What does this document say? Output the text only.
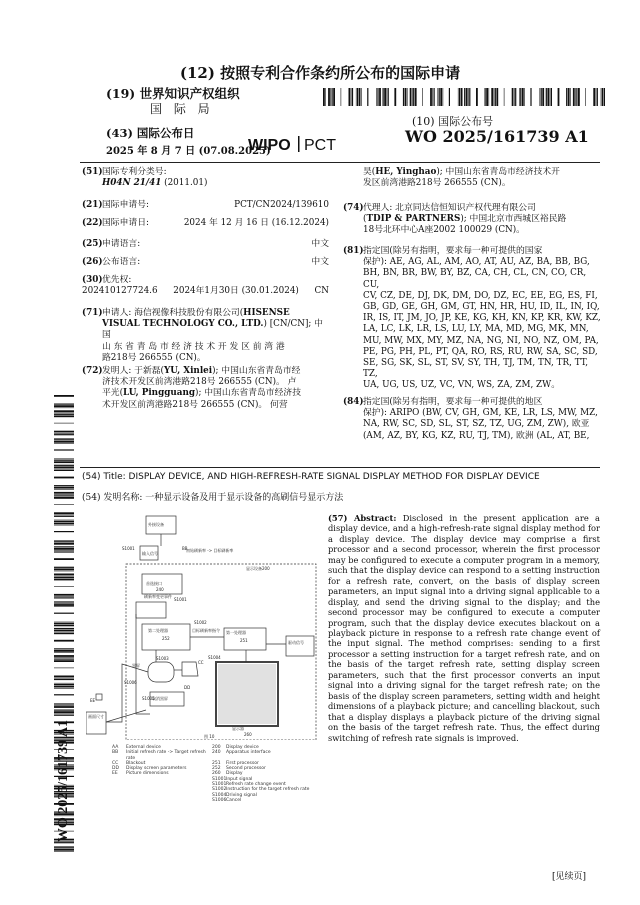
(12) 按照专利合作条约所公布的国际申请
(19) 世界知识产权组织
国 际 局
(43) 国际公布日
2025 年 8 月 7 日 (07.08.2025)
(10) 国际公布号
WO 2025/161739 A1
WIPO PCT
WO 2025/161739 A1
(51) 国际专利分类号:
H04N 21/41 (2011.01)
(21) 国际申请号:	PCT/CN2024/139610
(22) 国际申请日:	2024 年 12 月 16 日 (16.12.2024)
(25) 申请语言:	中文
(26) 公布语言:	中文
(30) 优先权:
202410127724.6 2024年1月30日 (30.01.2024) CN
(71) 申请人: 海信视像科技股份有限公司(HISENSE
VISUAL TECHNOLOGY CO., LTD.) [CN/CN]; 中国
山 东 省 青 岛 市 经 济 技 术 开 发 区 前 湾 港
路218号 266555 (CN)。
(72) 发明人: 于新磊(YU, Xinlei); 中国山东省青岛市经
济技术开发区前湾港路218号 266555 (CN)。 卢
平光(LU, Pingguang); 中国山东省青岛市经济技
术开发区前湾港路218号 266555 (CN)。 何营
昊(HE, Yinghao); 中国山东省青岛市经济技术开
发区前湾港路218号 266555 (CN)。
(74) 代理人: 北京同达信恒知识产权代理有限公司
(TDIP & PARTNERS); 中国北京市西城区裕民路
18号北环中心A座2002 100029 (CN)。
(81) 指定国(除另有指明，要求每一种可提供的国家
保护): AE, AG, AL, AM, AO, AT, AU, AZ, BA, BB, BG,
BH, BN, BR, BW, BY, BZ, CA, CH, CL, CN, CO, CR, CU,
CV, CZ, DE, DJ, DK, DM, DO, DZ, EC, EE, EG, ES, FI,
GB, GD, GE, GH, GM, GT, HN, HR, HU, ID, IL, IN, IQ,
IR, IS, IT, JM, JO, JP, KE, KG, KH, KN, KP, KR, KW, KZ,
LA, LC, LK, LR, LS, LU, LY, MA, MD, MG, MK, MN,
MU, MW, MX, MY, MZ, NA, NG, NI, NO, NZ, OM, PA,
PE, PG, PH, PL, PT, QA, RO, RS, RU, RW, SA, SC, SD,
SE, SG, SK, SL, ST, SV, SY, TH, TJ, TM, TN, TR, TT, TZ,
UA, UG, US, UZ, VC, VN, WS, ZA, ZM, ZW。
(84) 指定国(除另有指明，要求每一种可提供的地区
保护): ARIPO (BW, CV, GH, GM, KE, LR, LS, MW, MZ,
NA, RW, SC, SD, SL, ST, SZ, TZ, UG, ZM, ZW), 欧亚
(AM, AZ, BY, KG, KZ, RU, TJ, TM), 欧洲 (AL, AT, BE,
(54) Title: DISPLAY DEVICE, AND HIGH-REFRESH-RATE SIGNAL DISPLAY METHOD FOR DISPLAY DEVICE
(54) 发明名称: 一种显示设备及用于显示设备的高刷信号显示方法
外接设备
S1001
输入信号
初始刷新率 -> 目标刷新率
显示设备200
首选接口
240
刷新率变更事件
S1001
第二处理器
252
S1002
目标刷新率指令 第一处理器
251
S1003	S1004
驱动信号
BB
CC
DD
EE	S1005
画面尺寸
黑屏
S1006
取消黑屏
显示器
260
图 10
AA	External device	200	Display device
BB	Initial refresh rate -> Target refresh rate
240	Apparatus interface
CC	Blackout	251	First processor
DD	Display screen parameters	252	Second processor
EE	Picture dimensions	260	Display
S1001 Input signal
S1001'
Refresh rate change event
S1002 Instruction for the target refresh rate
S1004 Driving signal
S1006 Cancel
(57) Abstract: Disclosed in the present application are a display device, and a high-refresh-rate signal display method for a display device. The display device may comprise a first processor and a second processor, wherein the first processor may be configured to execute a computer program in a memory, such that the display device can respond to a setting instruction for a refresh rate, convert, on the basis of display screen parameters, an input signal into a driving signal applicable to a display, and send the driving signal to the display; and the second processor may be configured to execute a computer program, such that the display device executes blackout on a playback picture in response to a refresh rate change event of the input signal. The method comprises: sending to a first processor a setting instruction for a target refresh rate, and on the basis of the target refresh rate, setting display screen parameters, such that the first processor converts an input signal into a driving signal for the target refresh rate; on the basis of the display screen parameters, setting width and height dimensions of a playback picture; and cancelling blackout, such that a display displays a playback picture of the driving signal on the basis of the target refresh rate. Thus, the effect during switching of refresh rate signals is improved.
[见续页]
